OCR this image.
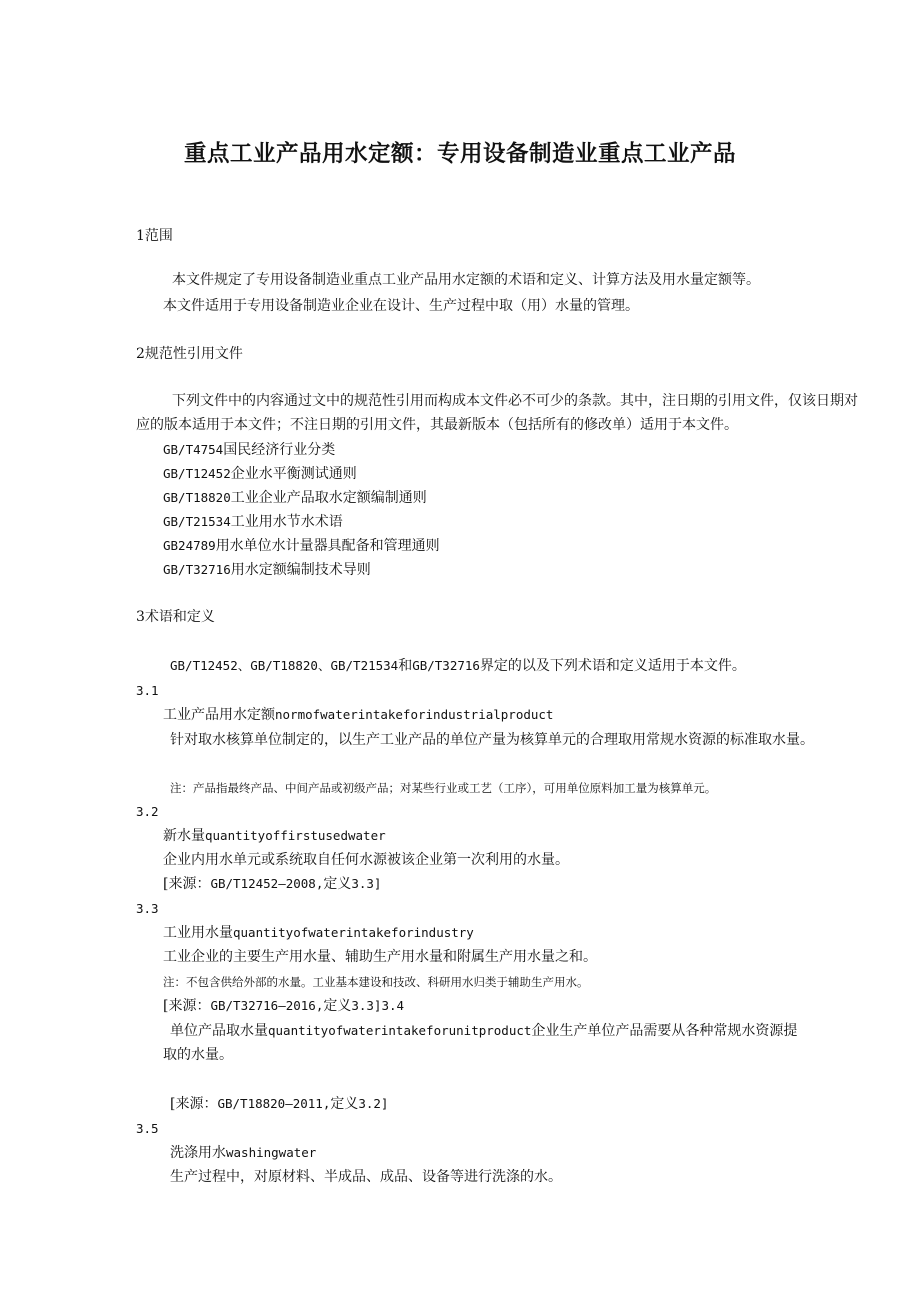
重点工业产品用水定额：专用设备制造业重点工业产品
1范围
本文件规定了专用设备制造业重点工业产品用水定额的术语和定义、计算方法及用水量定额等。
本文件适用于专用设备制造业企业在设计、生产过程中取（用）水量的管理。
2规范性引用文件
下列文件中的内容通过文中的规范性引用而构成本文件必不可少的条款。其中，注日期的引用文件，仅该日期对应的版本适用于本文件；不注日期的引用文件，其最新版本（包括所有的修改单）适用于本文件。
GB/T4754国民经济行业分类
GB/T12452企业水平衡测试通则
GB/T18820工业企业产品取水定额编制通则
GB/T21534工业用水节水术语
GB24789用水单位水计量器具配备和管理通则
GB/T32716用水定额编制技术导则
3术语和定义
GB/T12452、GB/T18820、GB/T21534和GB/T32716界定的以及下列术语和定义适用于本文件。
3.1
工业产品用水定额normofwaterintakeforindustrialproduct
针对取水核算单位制定的，以生产工业产品的单位产量为核算单元的合理取用常规水资源的标准取水量。
注：产品指最终产品、中间产品或初级产品；对某些行业或工艺（工序），可用单位原料加工量为核算单元。
3.2
新水量quantityoffirstusedwater
企业内用水单元或系统取自任何水源被该企业第一次利用的水量。
[来源：GB/T12452—2008,定义3.3]
3.3
工业用水量quantityofwaterintakeforindustry
工业企业的主要生产用水量、辅助生产用水量和附属生产用水量之和。
注：不包含供给外部的水量。工业基本建设和技改、科研用水归类于辅助生产用水。
[来源：GB/T32716—2016,定义3.3]3.4
单位产品取水量quantityofwaterintakeforunitproduct企业生产单位产品需要从各种常规水资源提
取的水量。
[来源：GB/T18820—2011,定义3.2]
3.5
洗涤用水washingwater
生产过程中，对原材料、半成品、成品、设备等进行洗涤的水。
